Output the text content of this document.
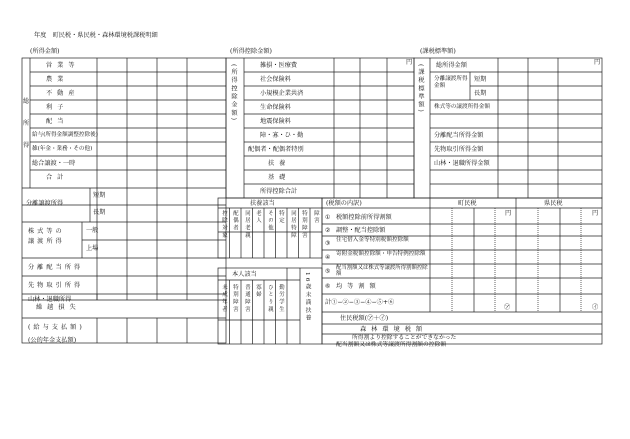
年度　町民税・県民税・森林環境税課税明細
(所得金額)	(所得控除金額)	(課税標準額)
総
所
得
営業等
農業
不動産
利子
配当
給与(所得金額調整控除後)
雑(年金・業務・その他)
総合譲渡・一時
合計
分離譲渡所得
短期
長期
株式等の
譲渡所得
一般
上場
分離配当所得
先物取引所得
山林・退職所得
繰越損失
(給与支払額)
(公的年金支払額)
(所得控除金額)	雑損・医療費
社会保険料
小規模企業共済
生命保険料
地震保険料
障・寡・ひ・勤
配偶者・配偶者特別
扶養
基礎
所得控除合計
円
扶養該当
控除対象 配偶者 同居老親 老人 その他 特定 同居特障 特別障害 障害
本人該当
未成年者 特別障害 普通障害 寡婦 ひとり親 勤労学生	16歳未満扶養
(課税標準額) 総所得金額
分離譲渡所得金額
短期
長期
株式等の譲渡所得金額
分離配当所得金額
先物取引所得金額
山林・退職所得金額
円
(税額の内訳)	町民税	県民税
円	円
① 税額控除前所得割額
② 調整・配当控除額
③ 住宅借入金等特別税額控除額
④ 寄附金税額控除額・申告特例控除額
⑤ 配当割額又は株式等譲渡所得割額控除額
⑥ 均等割額
計①−②−③−④−⑤+⑥
㋐	㋑
住民税額(㋐＋㋑)
森林環境税額
所得割より控除することができなかった
配当割額又は株式等譲渡所得割額の控除額
